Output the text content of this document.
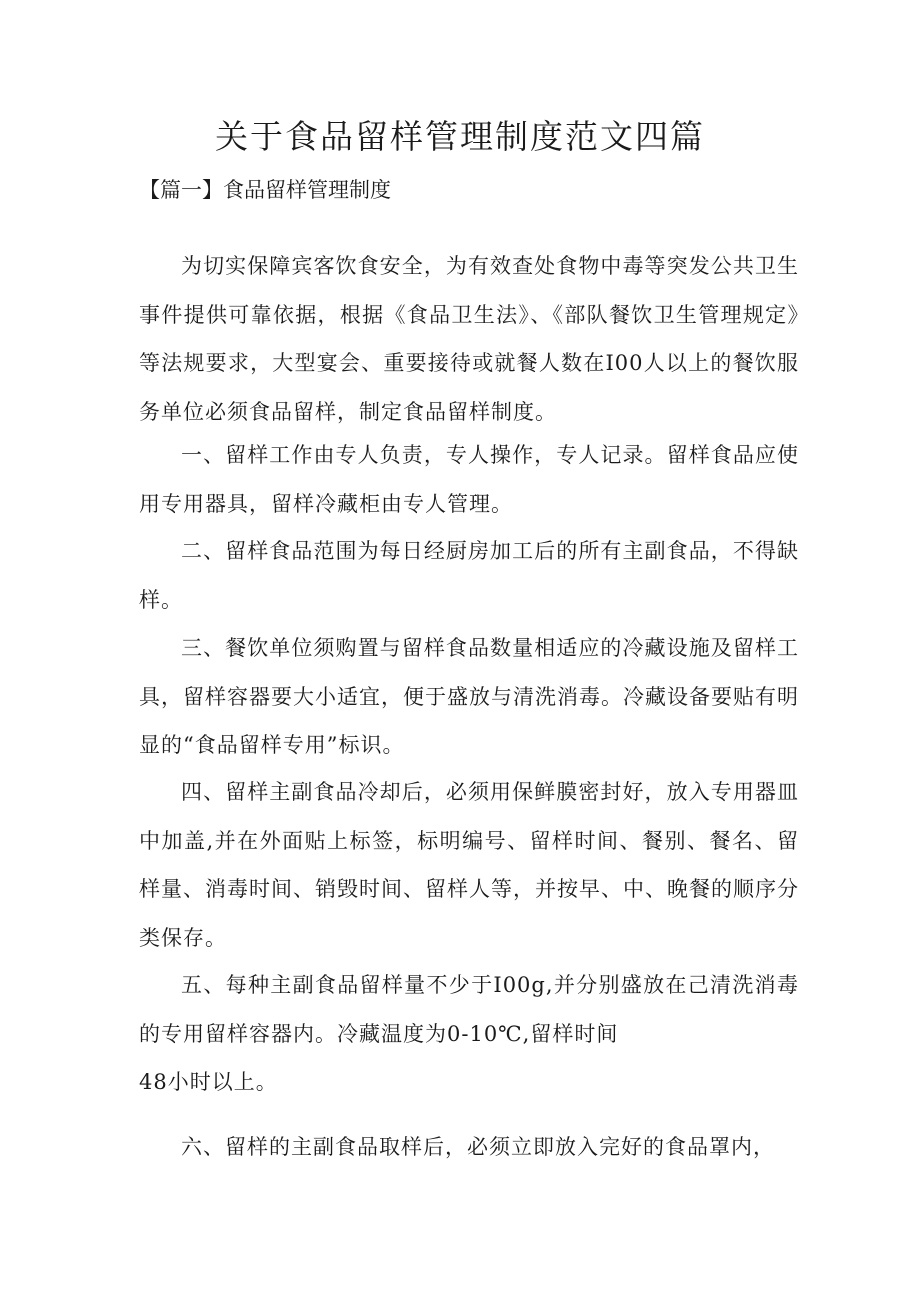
关于食品留样管理制度范文四篇
【篇一】食品留样管理制度

为切实保障宾客饮食安全，为有效查处食物中毒等突发公共卫生事件提供可靠依据，根据《食品卫生法》、《部队餐饮卫生管理规定》等法规要求，大型宴会、重要接待或就餐人数在I00人以上的餐饮服务单位必须食品留样，制定食品留样制度。

一、留样工作由专人负责，专人操作，专人记录。留样食品应使用专用器具，留样冷藏柜由专人管理。

二、留样食品范围为每日经厨房加工后的所有主副食品，不得缺样。

三、餐饮单位须购置与留样食品数量相适应的冷藏设施及留样工具，留样容器要大小适宜，便于盛放与清洗消毒。冷藏设备要贴有明显的“食品留样专用”标识。

四、留样主副食品冷却后，必须用保鲜膜密封好，放入专用器皿中加盖,并在外面贴上标签，标明编号、留样时间、餐别、餐名、留样量、消毒时间、销毁时间、留样人等，并按早、中、晚餐的顺序分类保存。

五、每种主副食品留样量不少于I00g,并分别盛放在己清洗消毒的专用留样容器内。冷藏温度为0-10℃,留样时间

48小时以上。

六、留样的主副食品取样后，必须立即放入完好的食品罩内，
